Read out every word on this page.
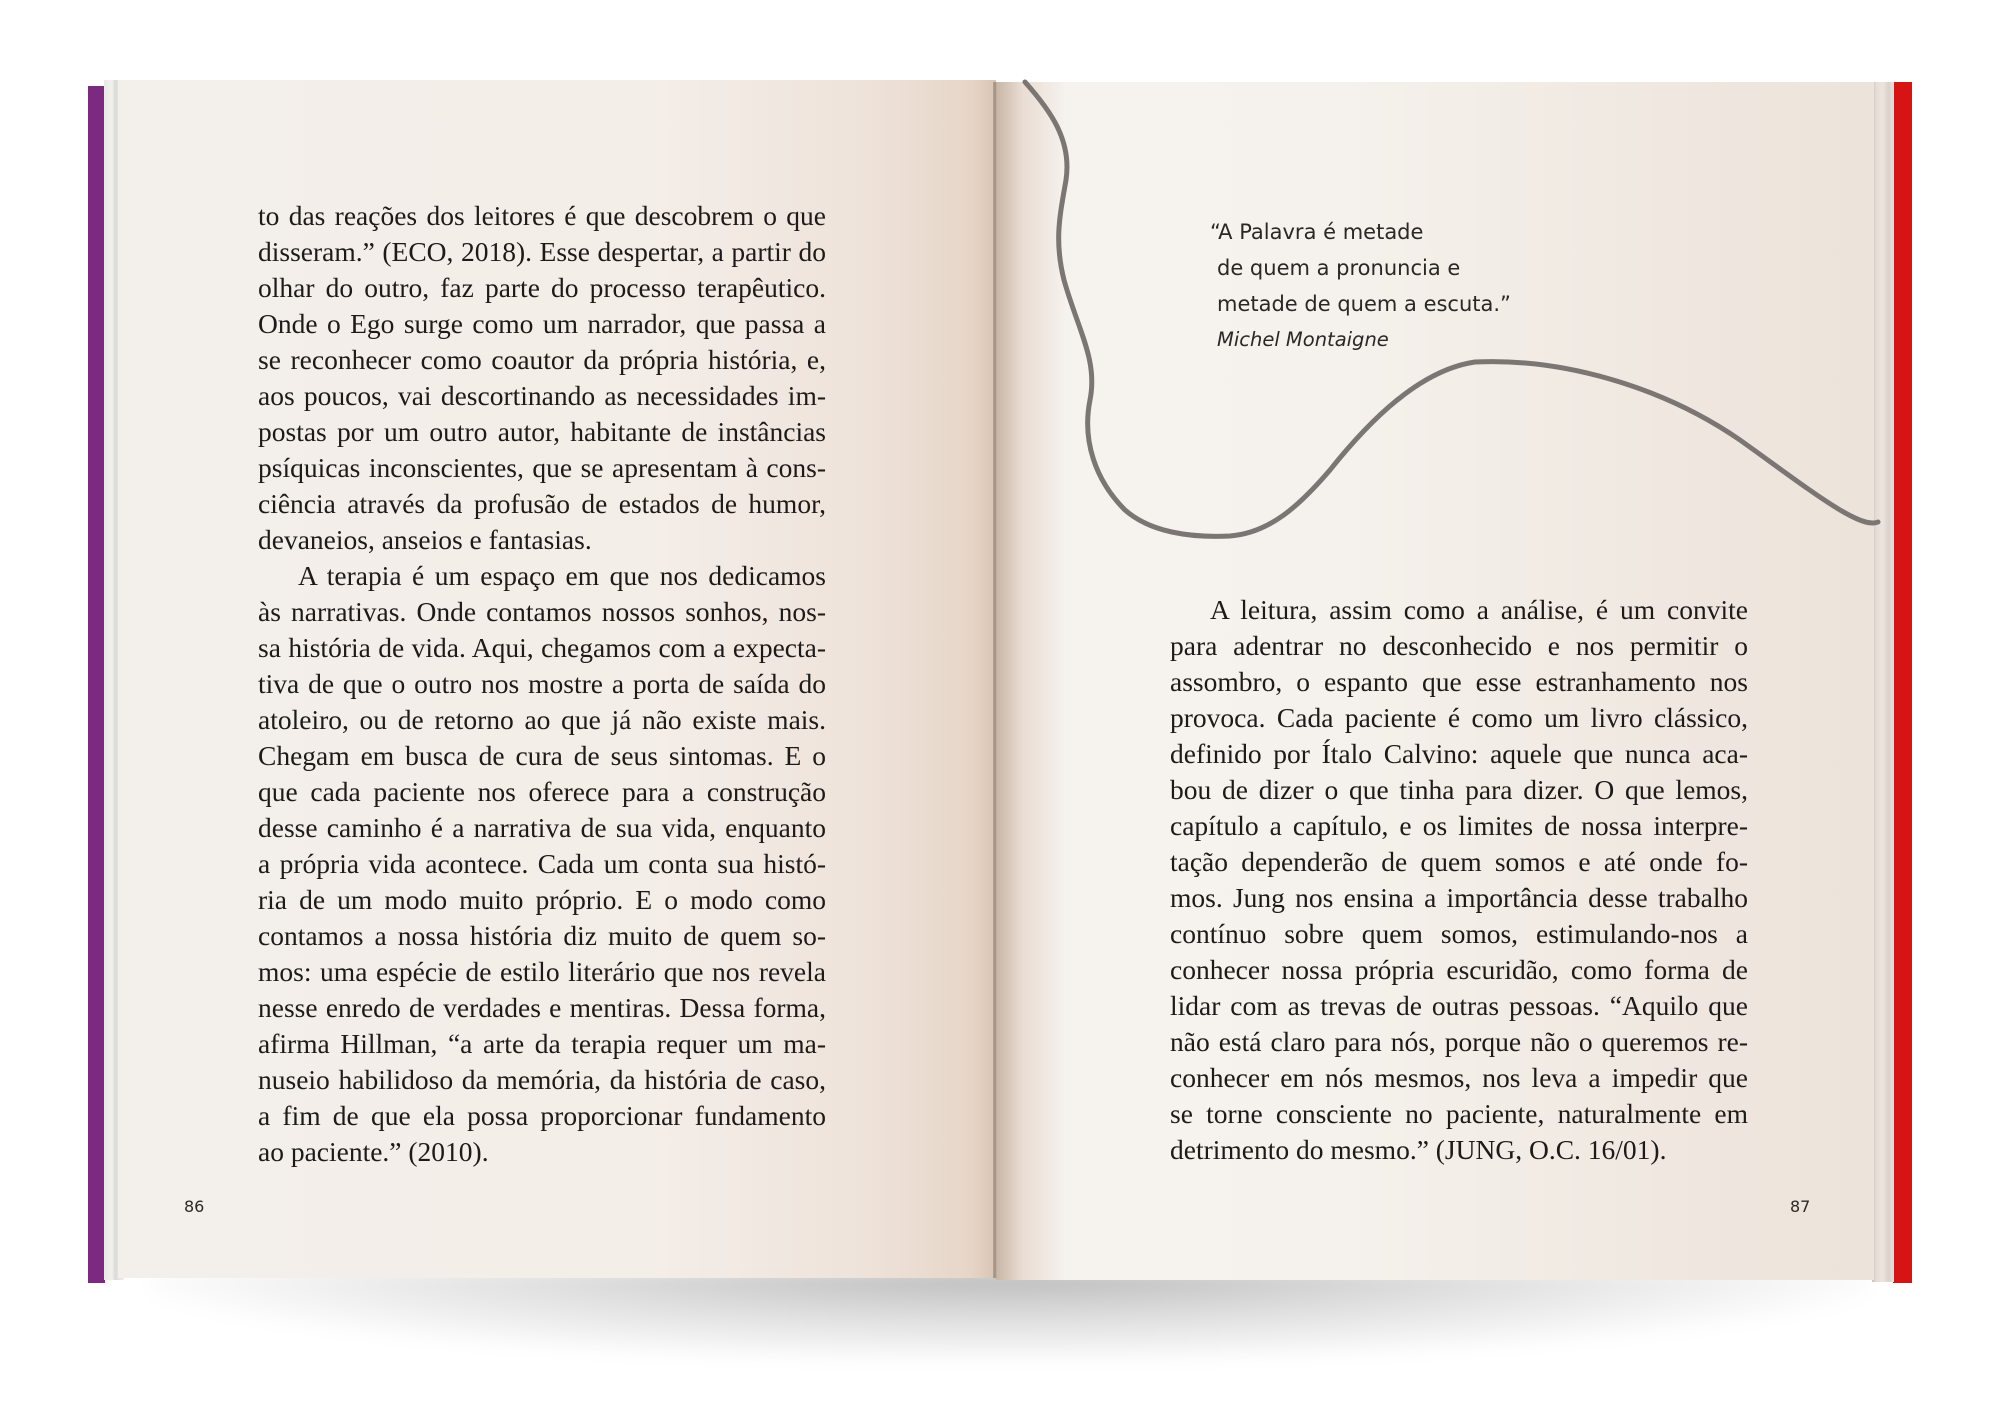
to das reações dos leitores é que descobrem o que
disseram.” (ECO, 2018). Esse despertar, a partir do
olhar do outro, faz parte do processo terapêutico.
Onde o Ego surge como um narrador, que passa a
se reconhecer como coautor da própria história, e,
aos poucos, vai descortinando as necessidades im-
postas por um outro autor, habitante de instâncias
psíquicas inconscientes, que se apresentam à cons-
ciência através da profusão de estados de humor,
devaneios, anseios e fantasias.
A terapia é um espaço em que nos dedicamos
às narrativas. Onde contamos nossos sonhos, nos-
sa história de vida. Aqui, chegamos com a expecta-
tiva de que o outro nos mostre a porta de saída do
atoleiro, ou de retorno ao que já não existe mais.
Chegam em busca de cura de seus sintomas. E o
que cada paciente nos oferece para a construção
desse caminho é a narrativa de sua vida, enquanto
a própria vida acontece. Cada um conta sua histó-
ria de um modo muito próprio. E o modo como
contamos a nossa história diz muito de quem so-
mos: uma espécie de estilo literário que nos revela
nesse enredo de verdades e mentiras. Dessa forma,
afirma Hillman, “a arte da terapia requer um ma-
nuseio habilidoso da memória, da história de caso,
a fim de que ela possa proporcionar fundamento
ao paciente.” (2010).
“A Palavra é metade
de quem a pronuncia e
metade de quem a escuta.”
Michel Montaigne
A leitura, assim como a análise, é um convite
para adentrar no desconhecido e nos permitir o
assombro, o espanto que esse estranhamento nos
provoca. Cada paciente é como um livro clássico,
definido por Ítalo Calvino: aquele que nunca aca-
bou de dizer o que tinha para dizer. O que lemos,
capítulo a capítulo, e os limites de nossa interpre-
tação dependerão de quem somos e até onde fo-
mos. Jung nos ensina a importância desse trabalho
contínuo sobre quem somos, estimulando-nos a
conhecer nossa própria escuridão, como forma de
lidar com as trevas de outras pessoas. “Aquilo que
não está claro para nós, porque não o queremos re-
conhecer em nós mesmos, nos leva a impedir que
se torne consciente no paciente, naturalmente em
detrimento do mesmo.” (JUNG, O.C. 16/01).
86	87
